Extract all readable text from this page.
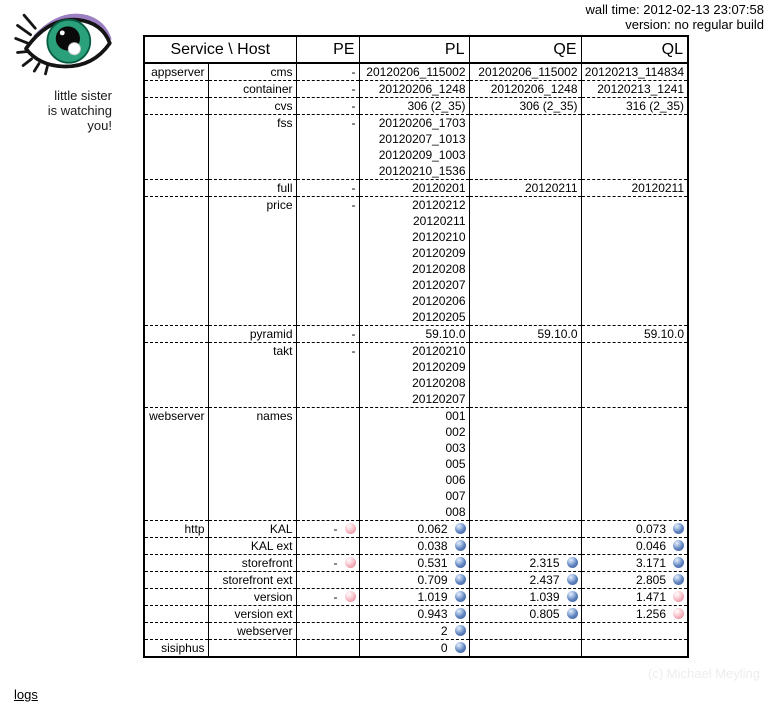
wall time: 2012-02-13 23:07:58
version: no regular build
little sister
is watching
you!
Service \ Host		PE	PL	QE	QL
appserver	cms	-	20120206_115002	20120206_115002	20120213_114834

	container	-	20120206_1248	20120206_1248	20120213_1241

	cvs	-	306 (2_35)	306 (2_35)	316 (2_35)

	fss	-	20120206_1703
20120207_1013
20120209_1003
20120210_1536		

	full	-	20120201	20120211	20120211

	price	-	20120212
20120211
20120210
20120209
20120208
20120207
20120206
20120205

	pyramid	-	59.10.0	59.10.0	59.10.0

	takt	-	20120210
20120209
20120208
20120207		

webserver	names		001
002
003
005
006
007
008

http	KAL	-	0.062		0.073

	KAL ext		0.038		0.046

	storefront	-	0.531	2.315	3.171

	storefront ext		0.709	2.437	2.805

	version	-	1.019	1.039	1.471

	version ext		0.943	0.805	1.256

	webserver		2		

sisiphus			0		

logs
(c) Michael Meyling
